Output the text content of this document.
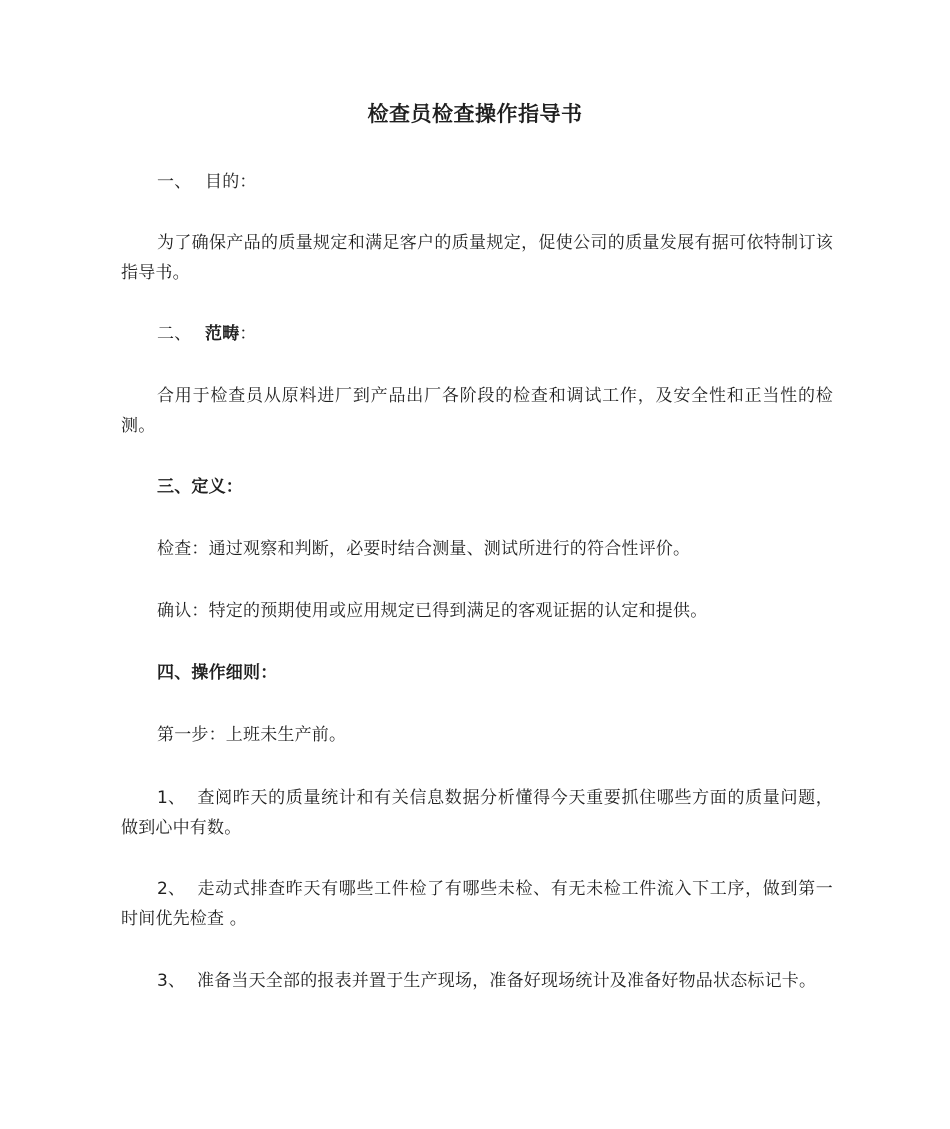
检查员检查操作指导书
一、 目的：
为了确保产品的质量规定和满足客户的质量规定，促使公司的质量发展有据可依特制订该指导书。
二、 范畴：
合用于检查员从原料进厂到产品出厂各阶段的检查和调试工作，及安全性和正当性的检测。
三、定义：
检查：通过观察和判断，必要时结合测量、测试所进行的符合性评价。
确认：特定的预期使用或应用规定已得到满足的客观证据的认定和提供。
四、操作细则：
第一步：上班未生产前。
1、 查阅昨天的质量统计和有关信息数据分析懂得今天重要抓住哪些方面的质量问题，做到心中有数。
2、 走动式排查昨天有哪些工件检了有哪些未检、有无未检工件流入下工序，做到第一时间优先检查 。
3、 准备当天全部的报表并置于生产现场，准备好现场统计及准备好物品状态标记卡。
